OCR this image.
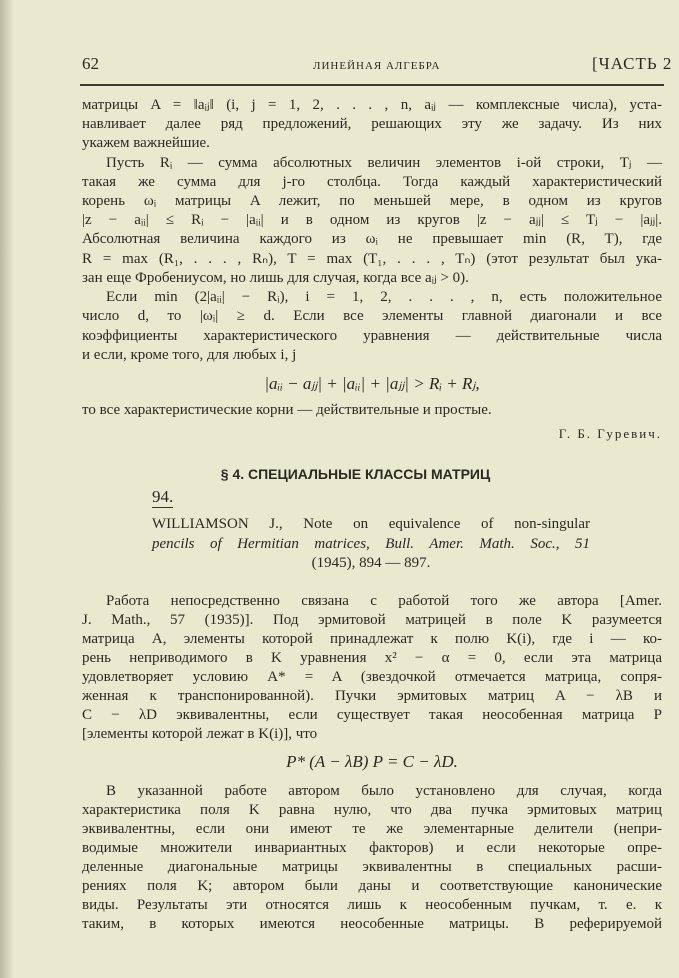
62	ЛИНЕЙНАЯ АЛГЕБРА	[ЧАСТЬ 2
матрицы A = ‖aᵢⱼ‖ (i, j = 1, 2, . . . , n, aᵢⱼ — комплексные числа), уста-
навливает далее ряд предложений, решающих эту же задачу. Из них
укажем важнейшие.
Пусть Rᵢ — сумма абсолютных величин элементов i-ой строки, Tⱼ —
такая же сумма для j-го столбца. Тогда каждый характеристический
корень ωᵢ матрицы A лежит, по меньшей мере, в одном из кругов
|z − aᵢᵢ| ≤ Rᵢ − |aᵢᵢ| и в одном из кругов |z − aⱼⱼ| ≤ Tⱼ − |aⱼⱼ|.
Абсолютная величина каждого из ωᵢ не превышает min (R, T), где
R = max (R₁, . . . , Rₙ), T = max (T₁, . . . , Tₙ) (этот результат был ука-
зан еще Фробениусом, но лишь для случая, когда все aᵢⱼ > 0).
Если min (2|aᵢᵢ| − Rᵢ), i = 1, 2, . . . , n, есть положительное
число d, то |ωᵢ| ≥ d. Если все элементы главной диагонали и все
коэффициенты характеристического уравнения — действительные числа
и если, кроме того, для любых i, j
|aᵢᵢ − aⱼⱼ| + |aᵢᵢ| + |aⱼⱼ| > Rᵢ + Rⱼ,
то все характеристические корни — действительные и простые.
Г. Б. Гуревич.
§ 4. СПЕЦИАЛЬНЫЕ КЛАССЫ МАТРИЦ
94.
WILLIAMSON J., Note on equivalence of non-singular
pencils of Hermitian matrices, Bull. Amer. Math. Soc., 51
(1945), 894 — 897.
Работа непосредственно связана с работой того же автора [Amer.
J. Math., 57 (1935)]. Под эрмитовой матрицей в поле K разумеется
матрица A, элементы которой принадлежат к полю K(i), где i — ко-
рень неприводимого в K уравнения x² − α = 0, если эта матрица
удовлетворяет условию A* = A (звездочкой отмечается матрица, сопря-
женная к транспонированной). Пучки эрмитовых матриц A − λB и
C − λD эквивалентны, если существует такая неособенная матрица P
[элементы которой лежат в K(i)], что
P* (A − λB) P = C − λD.
В указанной работе автором было установлено для случая, когда
характеристика поля K равна нулю, что два пучка эрмитовых матриц
эквивалентны, если они имеют те же элементарные делители (непри-
водимые множители инвариантных факторов) и если некоторые опре-
деленные диагональные матрицы эквивалентны в специальных расши-
рениях поля K; автором были даны и соответствующие канонические
виды. Результаты эти относятся лишь к неособенным пучкам, т. е. к
таким, в которых имеются неособенные матрицы. В реферируемой
